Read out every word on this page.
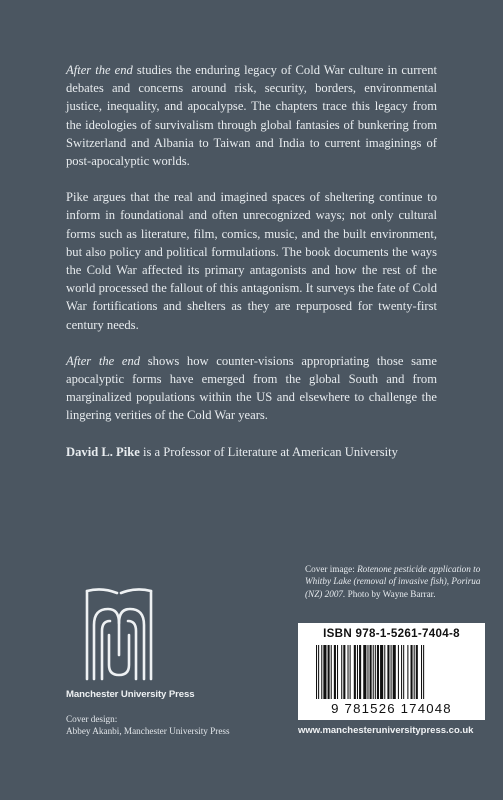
After the end studies the enduring legacy of Cold War culture in current debates and concerns around risk, security, borders, environmental justice, inequality, and apocalypse. The chapters trace this legacy from the ideologies of survivalism through global fantasies of bunkering from Switzerland and Albania to Taiwan and India to current imaginings of post-apocalyptic worlds.

Pike argues that the real and imagined spaces of sheltering continue to inform in foundational and often unrecognized ways; not only cultural forms such as literature, film, comics, music, and the built environment, but also policy and political formulations. The book documents the ways the Cold War affected its primary antagonists and how the rest of the world processed the fallout of this antagonism. It surveys the fate of Cold War fortifications and shelters as they are repurposed for twenty-first century needs.

After the end shows how counter-visions appropriating those same apocalyptic forms have emerged from the global South and from marginalized populations within the US and elsewhere to challenge the lingering verities of the Cold War years.

David L. Pike is a Professor of Literature at American University

Cover image: Rotenone pesticide application to Whitby Lake (removal of invasive fish), Porirua (NZ) 2007. Photo by Wayne Barrar.
Manchester University Press
Cover design:
Abbey Akanbi, Manchester University Press
ISBN 978-1-5261-7404-8
9 781526 174048
www.manchesteruniversitypress.co.uk
